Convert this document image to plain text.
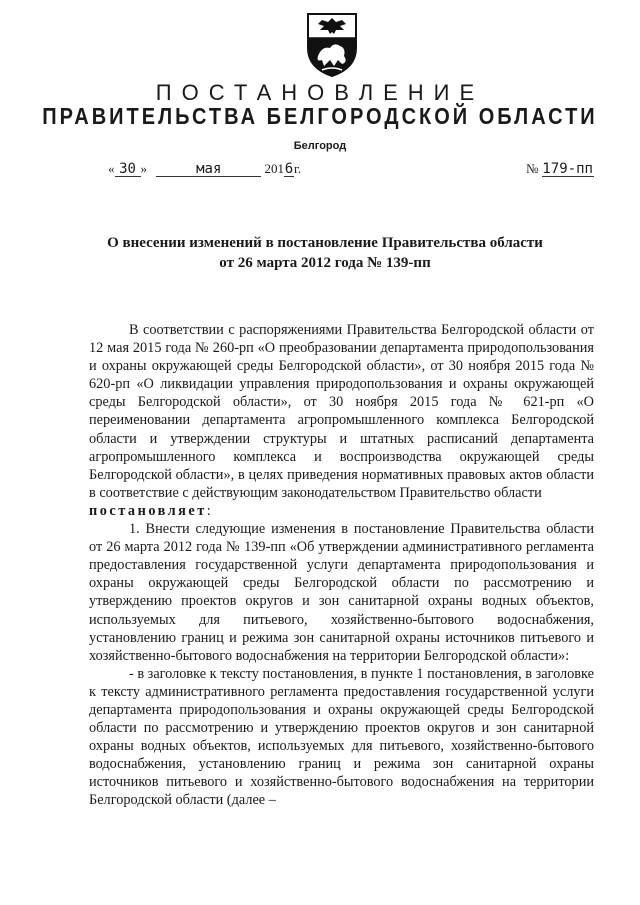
ПОСТАНОВЛЕНИЕ
ПРАВИТЕЛЬСТВА БЕЛГОРОДСКОЙ ОБЛАСТИ
Белгород
« 30 »	мая	2016г.	№ 179-пп
О внесении изменений в постановление Правительства области
от 26 марта 2012 года № 139-пп

В соответствии с распоряжениями Правительства Белгородской области от 12 мая 2015 года № 260-рп «О преобразовании департамента природопользования и охраны окружающей среды Белгородской области», от 30 ноября 2015 года № 620-рп «О ликвидации управления природопользования и охраны окружающей среды Белгородской области», от 30 ноября 2015 года № 621-рп «О переименовании департамента агропромышленного комплекса Белгородской области и утверждении структуры и штатных расписаний департамента агропромышленного комплекса и воспроизводства окружающей среды Белгородской области», в целях приведения нормативных правовых актов области в соответствие с действующим законодательством Правительство области

постановляет:

1. Внести следующие изменения в постановление Правительства области от 26 марта 2012 года № 139-пп «Об утверждении административного регламента предоставления государственной услуги департамента природопользования и охраны окружающей среды Белгородской области по рассмотрению и утверждению проектов округов и зон санитарной охраны водных объектов, используемых для питьевого, хозяйственно-бытового водоснабжения, установлению границ и режима зон санитарной охраны источников питьевого и хозяйственно-бытового водоснабжения на территории Белгородской области»:

- в заголовке к тексту постановления, в пункте 1 постановления, в заголовке к тексту административного регламента предоставления государственной услуги департамента природопользования и охраны окружающей среды Белгородской области по рассмотрению и утверждению проектов округов и зон санитарной охраны водных объектов, используемых для питьевого, хозяйственно-бытового водоснабжения, установлению границ и режима зон санитарной охраны источников питьевого и хозяйственно-бытового водоснабжения на территории Белгородской области (далее –
